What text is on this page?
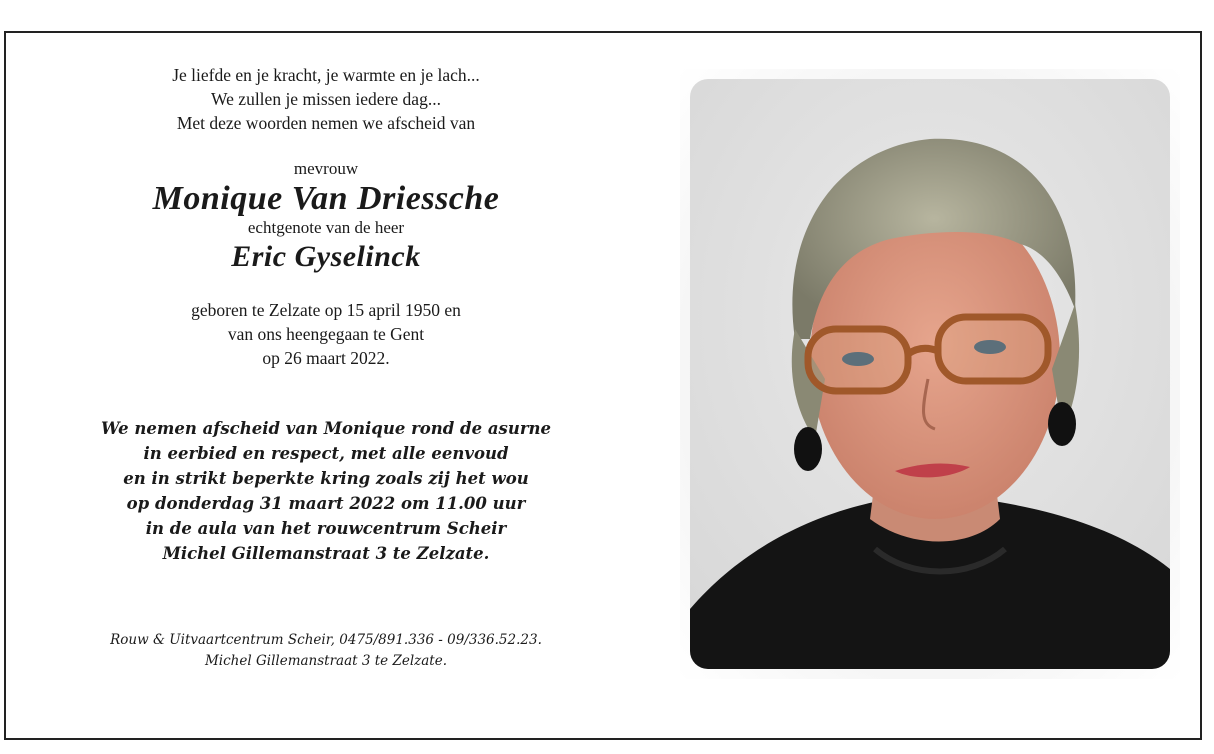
Je liefde en je kracht, je warmte en je lach...
We zullen je missen iedere dag...
Met deze woorden nemen we afscheid van
mevrouw
Monique Van Driessche
echtgenote van de heer
Eric Gyselinck
geboren te Zelzate op 15 april 1950 en
van ons heengegaan te Gent
op 26 maart 2022.
We nemen afscheid van Monique rond de asurne
in eerbied en respect, met alle eenvoud
en in strikt beperkte kring zoals zij het wou
op donderdag 31 maart 2022 om 11.00 uur
in de aula van het rouwcentrum Scheir
Michel Gillemanstraat 3 te Zelzate.
Rouw & Uitvaartcentrum Scheir, 0475/891.336 - 09/336.52.23.
Michel Gillemanstraat 3 te Zelzate.
